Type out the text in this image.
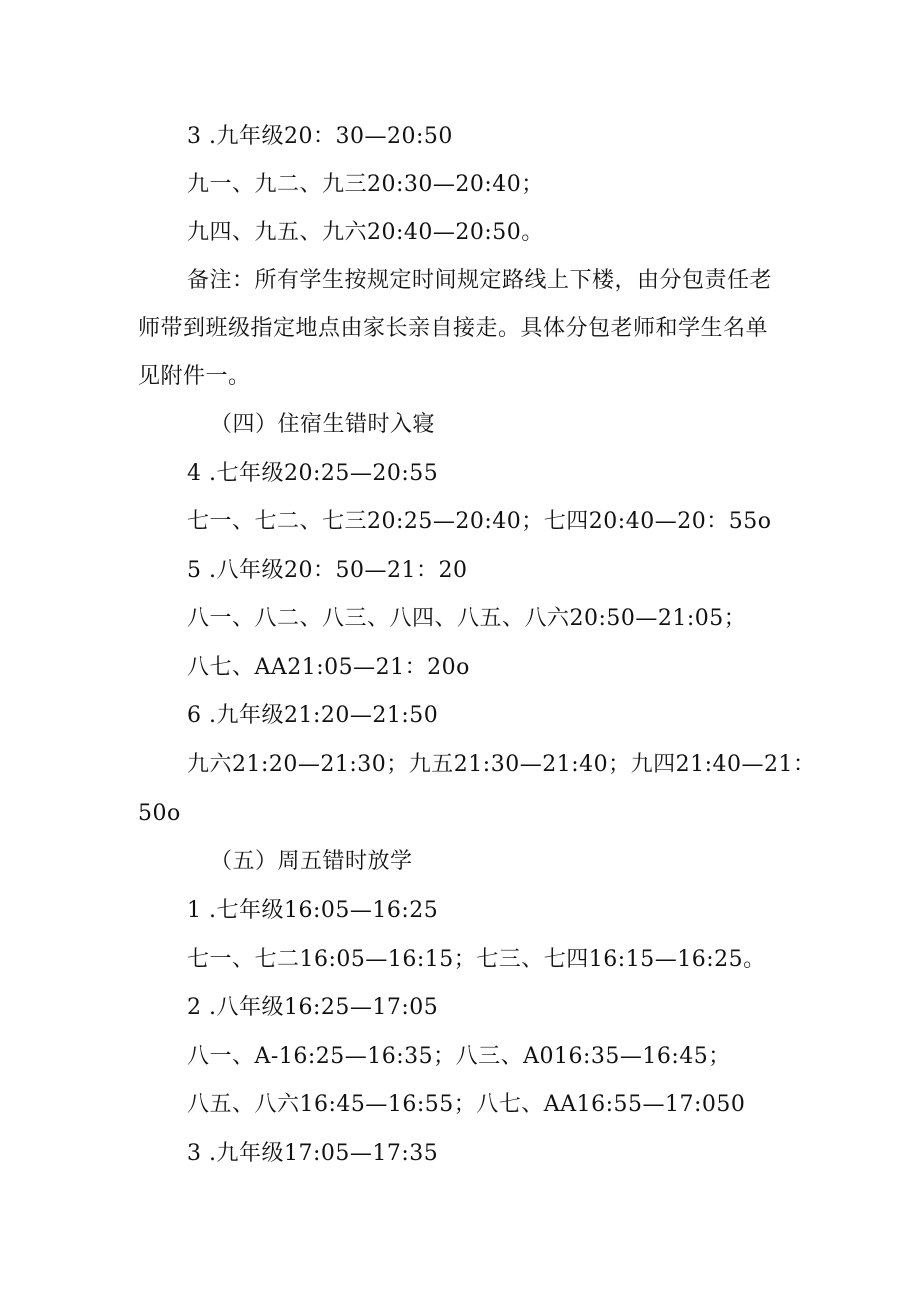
3 .九年级20：30—20:50
九一、九二、九三20:30—20:40；
九四、九五、九六20:40—20:50。
备注：所有学生按规定时间规定路线上下楼，由分包责任老
师带到班级指定地点由家长亲自接走。具体分包老师和学生名单
见附件一。
（四）住宿生错时入寝
4 .七年级20:25—20:55
七一、七二、七三20:25—20:40；七四20:40—20：55o
5 .八年级20：50—21：20
八一、八二、八三、八四、八五、八六20:50—21:05；
八七、AA21:05—21：20o
6 .九年级21:20—21:50
九六21:20—21:30；九五21:30—21:40；九四21:40—21：
50o
（五）周五错时放学
1 .七年级16:05—16:25
七一、七二16:05—16:15；七三、七四16:15—16:25。
2 .八年级16:25—17:05
八一、A-16:25—16:35；八三、A016:35—16:45；
八五、八六16:45—16:55；八七、AA16:55—17:050
3 .九年级17:05—17:35
